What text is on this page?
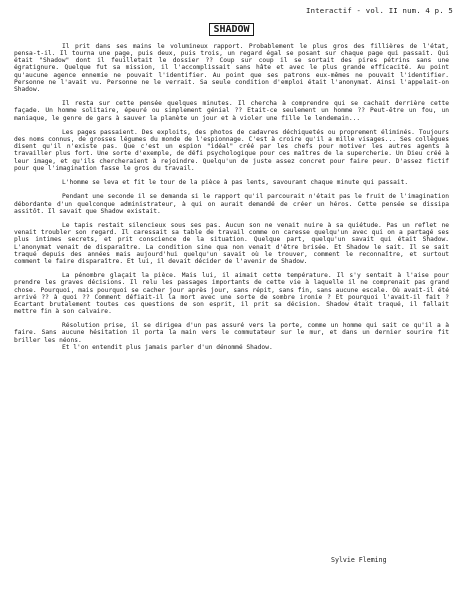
Interactif - vol. II num. 4 p. 5
SHADOW

Il prit dans ses mains le volumineux rapport. Probablement le plus gros des fillières de l'état, pensa-t-il. Il tourna une page, puis deux, puis trois, un regard égal se posant sur chaque page qui passait. Qui était "Shadow" dont il feuilletait le dossier ?? Coup sur coup il se sortait des pires pétrins sans une égratignure. Quelque fut sa mission, il l'accomplissait sans hâte et avec le plus grande efficacité. Au point qu'aucune agence ennemie ne pouvait l'identifier. Au point que ses patrons eux-mêmes ne pouvait l'identifier. Personne ne l'avait vu. Personne ne le verrait. Sa seule condition d'emploi était l'anonymat. Ainsi l'appelait-on Shadow.

Il resta sur cette pensée quelques minutes. Il chercha à comprendre qui se cachait derrière cette façade. Un homme solitaire, épeuré ou simplement génial ?? Etait-ce seulement un homme ?? Peut-être un fou, un maniaque, le genre de gars à sauver la planète un jour et à violer une fille le lendemain...

Les pages passaient. Des exploits, des photos de cadavres déchiquetés ou proprement éliminés. Toujours des noms connus, de grosses légumes du monde de l'espionnage. C'est à croire qu'il a mille visages... Ses collègues disent qu'il n'existe pas. Que c'est un espion "idéal" créé par les chefs pour motiver les autres agents à travailler plus fort. Une sorte d'exemple, de défi psychologique pour ces maîtres de la supercherie. Un Dieu créé à leur image, et qu'ils chercheraient à rejoindre. Quelqu'un de juste assez concret pour faire peur. D'assez fictif pour que l'imagination fasse le gros du travail.

L'homme se leva et fit le tour de la pièce à pas lents, savourant chaque minute qui passait.

Pendant une seconde il se demanda si le rapport qu'il parcourait n'était pas le fruit de l'imagination débordante d'un quelconque administrateur, à qui on aurait demandé de créer un héros. Cette pensée se dissipa assitôt. Il savait que Shadow existait.

Le tapis restait silencieux sous ses pas. Aucun son ne venait nuire à sa quiétude. Pas un reflet ne venait troubler son regard. Il caressait sa table de travail comme on caresse quelqu'un avec qui on a partagé ses plus intimes secrets, et prit conscience de la situation. Quelque part, quelqu'un savait qui était Shadow. L'anonymat venait de disparaître. La condition sine qua non venait d'être brisée. Et Shadow le sait. Il se sait traqué depuis des années mais aujourd'hui quelqu'un savait où le trouver, comment le reconnaître, et surtout comment le faire disparaître. Et lui, il devait décider de l'avenir de Shadow.

La pénombre glaçait la pièce. Mais lui, il aimait cette température. Il s'y sentait à l'aise pour prendre les graves décisions. Il relu les passages importants de cette vie à laquelle il ne comprenait pas grand chose. Pourquoi, mais pourquoi se cacher jour après jour, sans répit, sans fin, sans aucune escale. Où avait-il été arrivé ?? à quoi ?? Comment défiait-il la mort avec une sorte de sombre ironie ? Et pourquoi l'avait-il fait ? Ecartant brutalement toutes ces questions de son esprit, il prit sa décision. Shadow était traqué, il fallait mettre fin à son calvaire.

Résolution prise, il se dirigea d'un pas assuré vers la porte, comme un homme qui sait ce qu'il a à faire. Sans aucune hésitation il porta la main vers le commutateur sur le mur, et dans un dernier sourire fit briller les néons.

Et l'on entendit plus jamais parler d'un dénommé Shadow.

Sylvie Fleming
